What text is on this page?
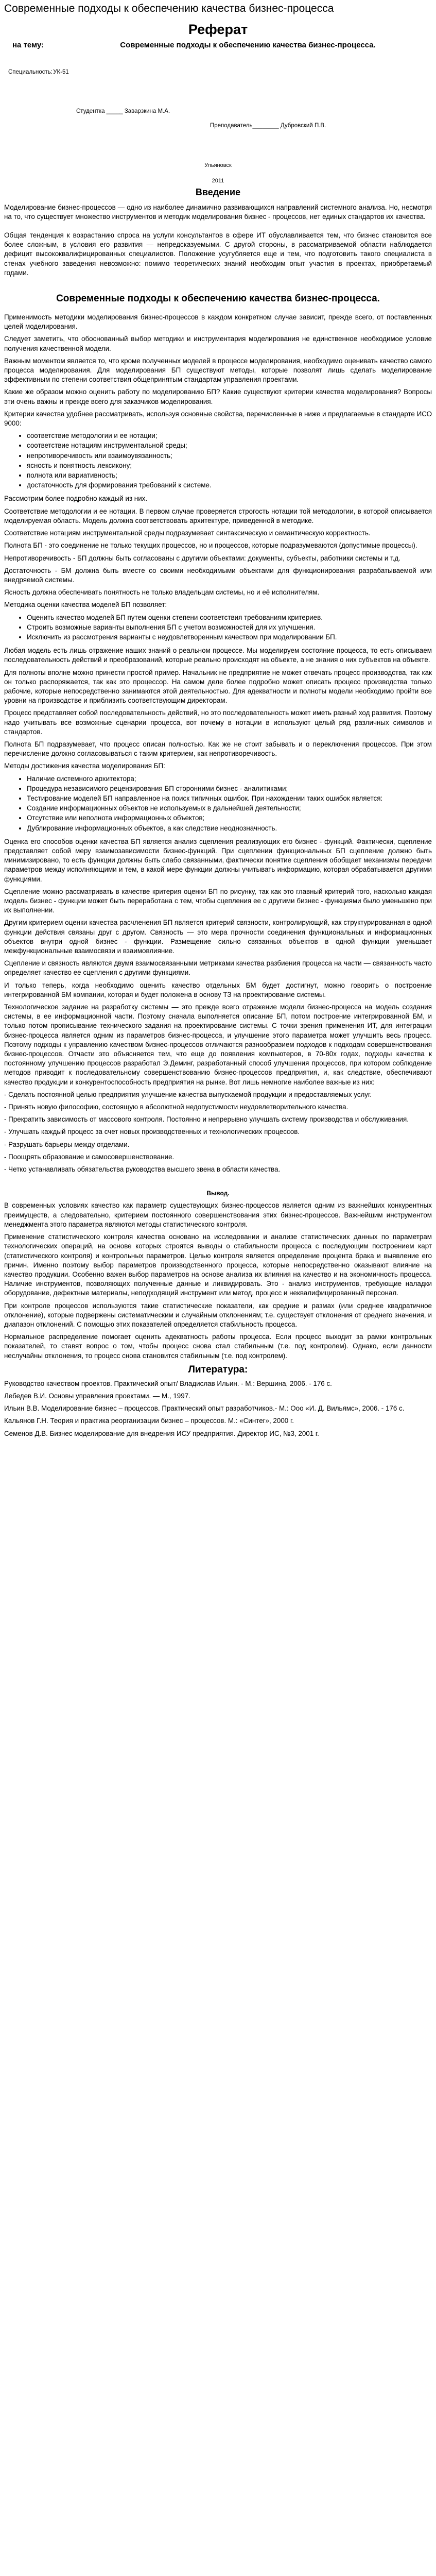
Современные подходы к обеспечению качества бизнес-процесса
Реферат
на тему:	Современные подходы к обеспечению качества бизнес-процесса.
Специальность: УК-51
Студентка _____ Заварзкина М.А.
Преподаватель________ Дубровский П.В.
Ульяновск
2011
Введение

Моделирование бизнес-процессов — одно из наиболее динамично развивающихся направлений системного анализа. Но, несмотря на то, что существует множество инструментов и методик моделирования бизнес - процессов, нет единых стандартов их качества.

Общая тенденция к возрастанию спроса на услуги консультантов в сфере ИТ обуславливается тем, что бизнес становится все более сложным, в условия его развития — непредсказуемыми. С другой стороны, в рассматриваемой области наблюдается дефицит высококвалифицированных специалистов. Положение усугубляется еще и тем, что подготовить такого специалиста в стенах учебного заведения невозможно: помимо теоретических знаний необходим опыт участия в проектах, приобретаемый годами.

Современные подходы к обеспечению качества бизнес-процесса.

Применимость методики моделирования бизнес-процессов в каждом конкретном случае зависит, прежде всего, от поставленных целей моделирования.

Следует заметить, что обоснованный выбор методики и инструментария моделирования не единственное необходимое условие получения качественной модели.

Важным моментом является то, что кроме полученных моделей в процессе моделирования, необходимо оценивать качество самого процесса моделирования. Для моделирования БП существуют методы, которые позволят лишь сделать моделирование эффективным по степени соответствия общепринятым стандартам управления проектами.

Какие же образом можно оценить работу по моделированию БП? Какие существуют критерии качества моделирования? Вопросы эти очень важны и прежде всего для заказчиков моделирования.

Критерии качества удобнее рассматривать, используя основные свойства, перечисленные в ниже и предлагаемые в стандарте ИСО 9000:

• соответствие методологии и ее нотации;
• соответствие нотациям инструментальной среды;
• непротиворечивость или взаимоувязанность;
• ясность и понятность лексикону;
• полнота или вариативность;
• достаточность для формирования требований к системе.

Рассмотрим более подробно каждый из них.

Соответствие методологии и ее нотации. В первом случае проверяется строгость нотации той методологии, в которой описывается моделируемая область. Модель должна соответствовать архитектуре, приведенной в методике.

Соответствие нотациям инструментальной среды подразумевает синтаксическую и семантическую корректность.

Полнота БП - это соединение не только текущих процессов, но и процессов, которые подразумеваются (допустимые процессы).

Непротиворечивость - БП должны быть согласованы с другими объектами: документы, субъекты, работники системы и т.д.

Достаточность - БМ должна быть вместе со своими необходимыми объектами для функционирования разрабатываемой или внедряемой системы.

Ясность должна обеспечивать понятность не только владельцам системы, но и её исполнителям.

Методика оценки качества моделей БП позволяет:

• Оценить качество моделей БП путем оценки степени соответствия требованиям критериев.
• Строить возможные варианты выполнения БП с учетом возможностей для их улучшения.
• Исключить из рассмотрения варианты с неудовлетворенным качеством при моделировании БП.

Любая модель есть лишь отражение наших знаний о реальном процессе. Мы моделируем состояние процесса, то есть описываем последовательность действий и преобразований, которые реально происходят на объекте, а не знания о них субъектов на объекте.

Для полноты вполне можно принести простой пример. Начальник не предприятие не может отвечать процесс производства, так как он только распоряжается, так как это процессор. На самом деле более подробно может описать процесс производства только рабочие, которые непосредственно занимаются этой деятельностью. Для адекватности и полноты модели необходимо пройти все уровни на производстве и приблизить соответствующим директорам.

Процесс представляет собой последовательность действий, но это последовательность может иметь разный ход развития. Поэтому надо учитывать все возможные сценарии процесса, вот почему в нотации в используют целый ряд различных символов и стандартов.

Полнота БП подразумевает, что процесс описан полностью. Как же не стоит забывать и о переключения процессов. При этом перечисление должно согласовываться с таким критерием, как непротиворечивость.

Методы достижения качества моделирования БП:

• Наличие системного архитектора;
• Процедура независимого рецензирования БП сторонними бизнес - аналитиками;
• Тестирование моделей БП направленное на поиск типичных ошибок. При нахождении таких ошибок является:
• Создание информационных объектов не используемых в дальнейшей деятельности;
• Отсутствие или неполнота информационных объектов;
• Дублирование информационных объектов, а как следствие неоднозначность.

Оценка его способов оценки качества БП является анализ сцепления реализующих его бизнес - функций. Фактически, сцепление представляет собой меру взаимозависимости бизнес-функций. При сцеплении функциональных БП сцепление должно быть минимизировано, то есть функции должны быть слабо связанными, фактически понятие сцепления обобщает механизмы передачи параметров между исполняющими и тем, в какой мере функции должны учитывать информацию, которая обрабатывается другими функциями.

Сцепление можно рассматривать в качестве критерия оценки БП по рисунку, так как это главный критерий того, насколько каждая модель бизнес - функции может быть переработана с тем, чтобы сцепления ее с другими бизнес - функциями было уменьшено при их выполнении.

Другим критерием оценки качества расчленения БП является критерий связности, контролирующий, как структурированная в одной функции действия связаны друг с другом. Связность — это мера прочности соединения функциональных и информационных объектов внутри одной бизнес - функции. Размещение сильно связанных объектов в одной функции уменьшает межфункциональные взаимосвязи и взаимовлияние.

Сцепление и связность являются двумя взаимосвязанными метриками качества разбиения процесса на части — связанность часто определяет качество ее сцепления с другими функциями.

И только теперь, когда необходимо оценить качество отдельных БМ будет достигнут, можно говорить о построение интегрированной БМ компании, которая и будет положена в основу ТЗ на проектирование системы.

Технологическое задание на разработку системы — это прежде всего отражение модели бизнес-процесса на модель создания системы, в ее информационной части. Поэтому сначала выполняется описание БП, потом построение интегрированной БМ, и только потом прописывание технического задания на проектирование системы. С точки зрения применения ИТ, для интеграции бизнес-процесса является одним из параметров бизнес-процесса, и улучшение этого параметра может улучшить весь процесс. Поэтому подходы к управлению качеством бизнес-процессов отличаются разнообразием подходов к подходам совершенствования бизнес-процессов. Отчасти это объясняется тем, что еще до появления компьютеров, в 70-80х годах, подходы качества к постоянному улучшению процессов разработал Э.Деминг, разработанный способ улучшения процессов, при котором соблюдение методов приводит к последовательному совершенствованию бизнес-процессов предприятия, и, как следствие, обеспечивают качество продукции и конкурентоспособность предприятия на рынке. Вот лишь немногие наиболее важные из них:

- Сделать постоянной целью предприятия улучшение качества выпускаемой продукции и предоставляемых услуг.

- Принять новую философию, состоящую в абсолютной недопустимости неудовлетворительного качества.

- Прекратить зависимость от массового контроля. Постоянно и непрерывно улучшать систему производства и обслуживания.

- Улучшать каждый процесс за счет новых производственных и технологических процессов.

- Разрушать барьеры между отделами.

- Поощрять образование и самосовершенствование.

- Четко устанавливать обязательства руководства высшего звена в области качества.

Вывод.

В современных условиях качество как параметр существующих бизнес-процессов является одним из важнейших конкурентных преимуществ, а следовательно, критерием постоянного совершенствования этих бизнес-процессов. Важнейшим инструментом менеджмента этого параметра являются методы статистического контроля.

Применение статистического контроля качества основано на исследовании и анализе статистических данных по параметрам технологических операций, на основе которых строятся выводы о стабильности процесса с последующим построением карт (статистического контроля) и контрольных параметров. Целью контроля является определение процента брака и выявление его причин. Именно поэтому выбор параметров производственного процесса, которые непосредственно оказывают влияние на качество продукции. Особенно важен выбор параметров на основе анализа их влияния на качество и на экономичность процесса. Наличие инструментов, позволяющих полученные данные и ликвидировать. Это - анализ инструментов, требующие наладки оборудование, дефектные материалы, неподходящий инструмент или метод, процесс и неквалифицированный персонал.

При контроле процессов используются такие статистические показатели, как средние и размах (или среднее квадратичное отклонение), которые подвержены систематическим и случайным отклонениям; т.е. существует отклонения от среднего значения, и диапазон отклонений. С помощью этих показателей определяется стабильность процесса.

Нормальное распределение помогает оценить адекватность работы процесса. Если процесс выходит за рамки контрольных показателей, то ставят вопрос о том, чтобы процесс снова стал стабильным (т.е. под контролем). Однако, если данности неслучайны отклонения, то процесс снова становится стабильным (т.е. под контролем).

Литература:

Руководство качеством проектов. Практический опыт/ Владислав Ильин. - М.: Вершина, 2006. - 176 с.

Лебедев В.И. Основы управления проектами. — М., 1997.

Ильин В.В. Моделирование бизнес – процессов. Практический опыт разработчиков.- М.: Ооо «И. Д. Вильямс», 2006. - 176 с.

Кальянов Г.Н. Теория и практика реорганизации бизнес – процессов. М.: «Синтег», 2000 г.

Семенов Д.В. Бизнес моделирование для внедрения ИСУ предприятия. Директор ИС, №3, 2001 г.
